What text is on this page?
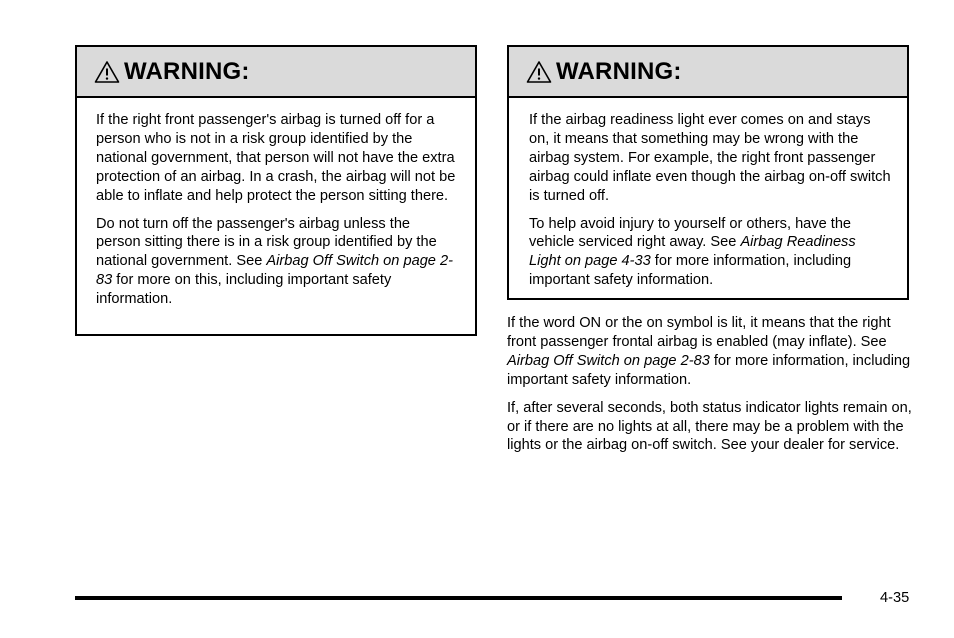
WARNING:

If the right front passenger's airbag is turned off for a person who is not in a risk group identified by the national government, that person will not have the extra protection of an airbag. In a crash, the airbag will not be able to inflate and help protect the person sitting there.

Do not turn off the passenger's airbag unless the person sitting there is in a risk group identified by the national government. See Airbag Off Switch on page 2-83 for more on this, including important safety information.

WARNING:

If the airbag readiness light ever comes on and stays on, it means that something may be wrong with the airbag system. For example, the right front passenger airbag could inflate even though the airbag on-off switch is turned off.

To help avoid injury to yourself or others, have the vehicle serviced right away. See Airbag Readiness Light on page 4-33 for more information, including important safety information.

If the word ON or the on symbol is lit, it means that the right front passenger frontal airbag is enabled (may inflate). See Airbag Off Switch on page 2-83 for more information, including important safety information.

If, after several seconds, both status indicator lights remain on, or if there are no lights at all, there may be a problem with the lights or the airbag on-off switch. See your dealer for service.

4-35
